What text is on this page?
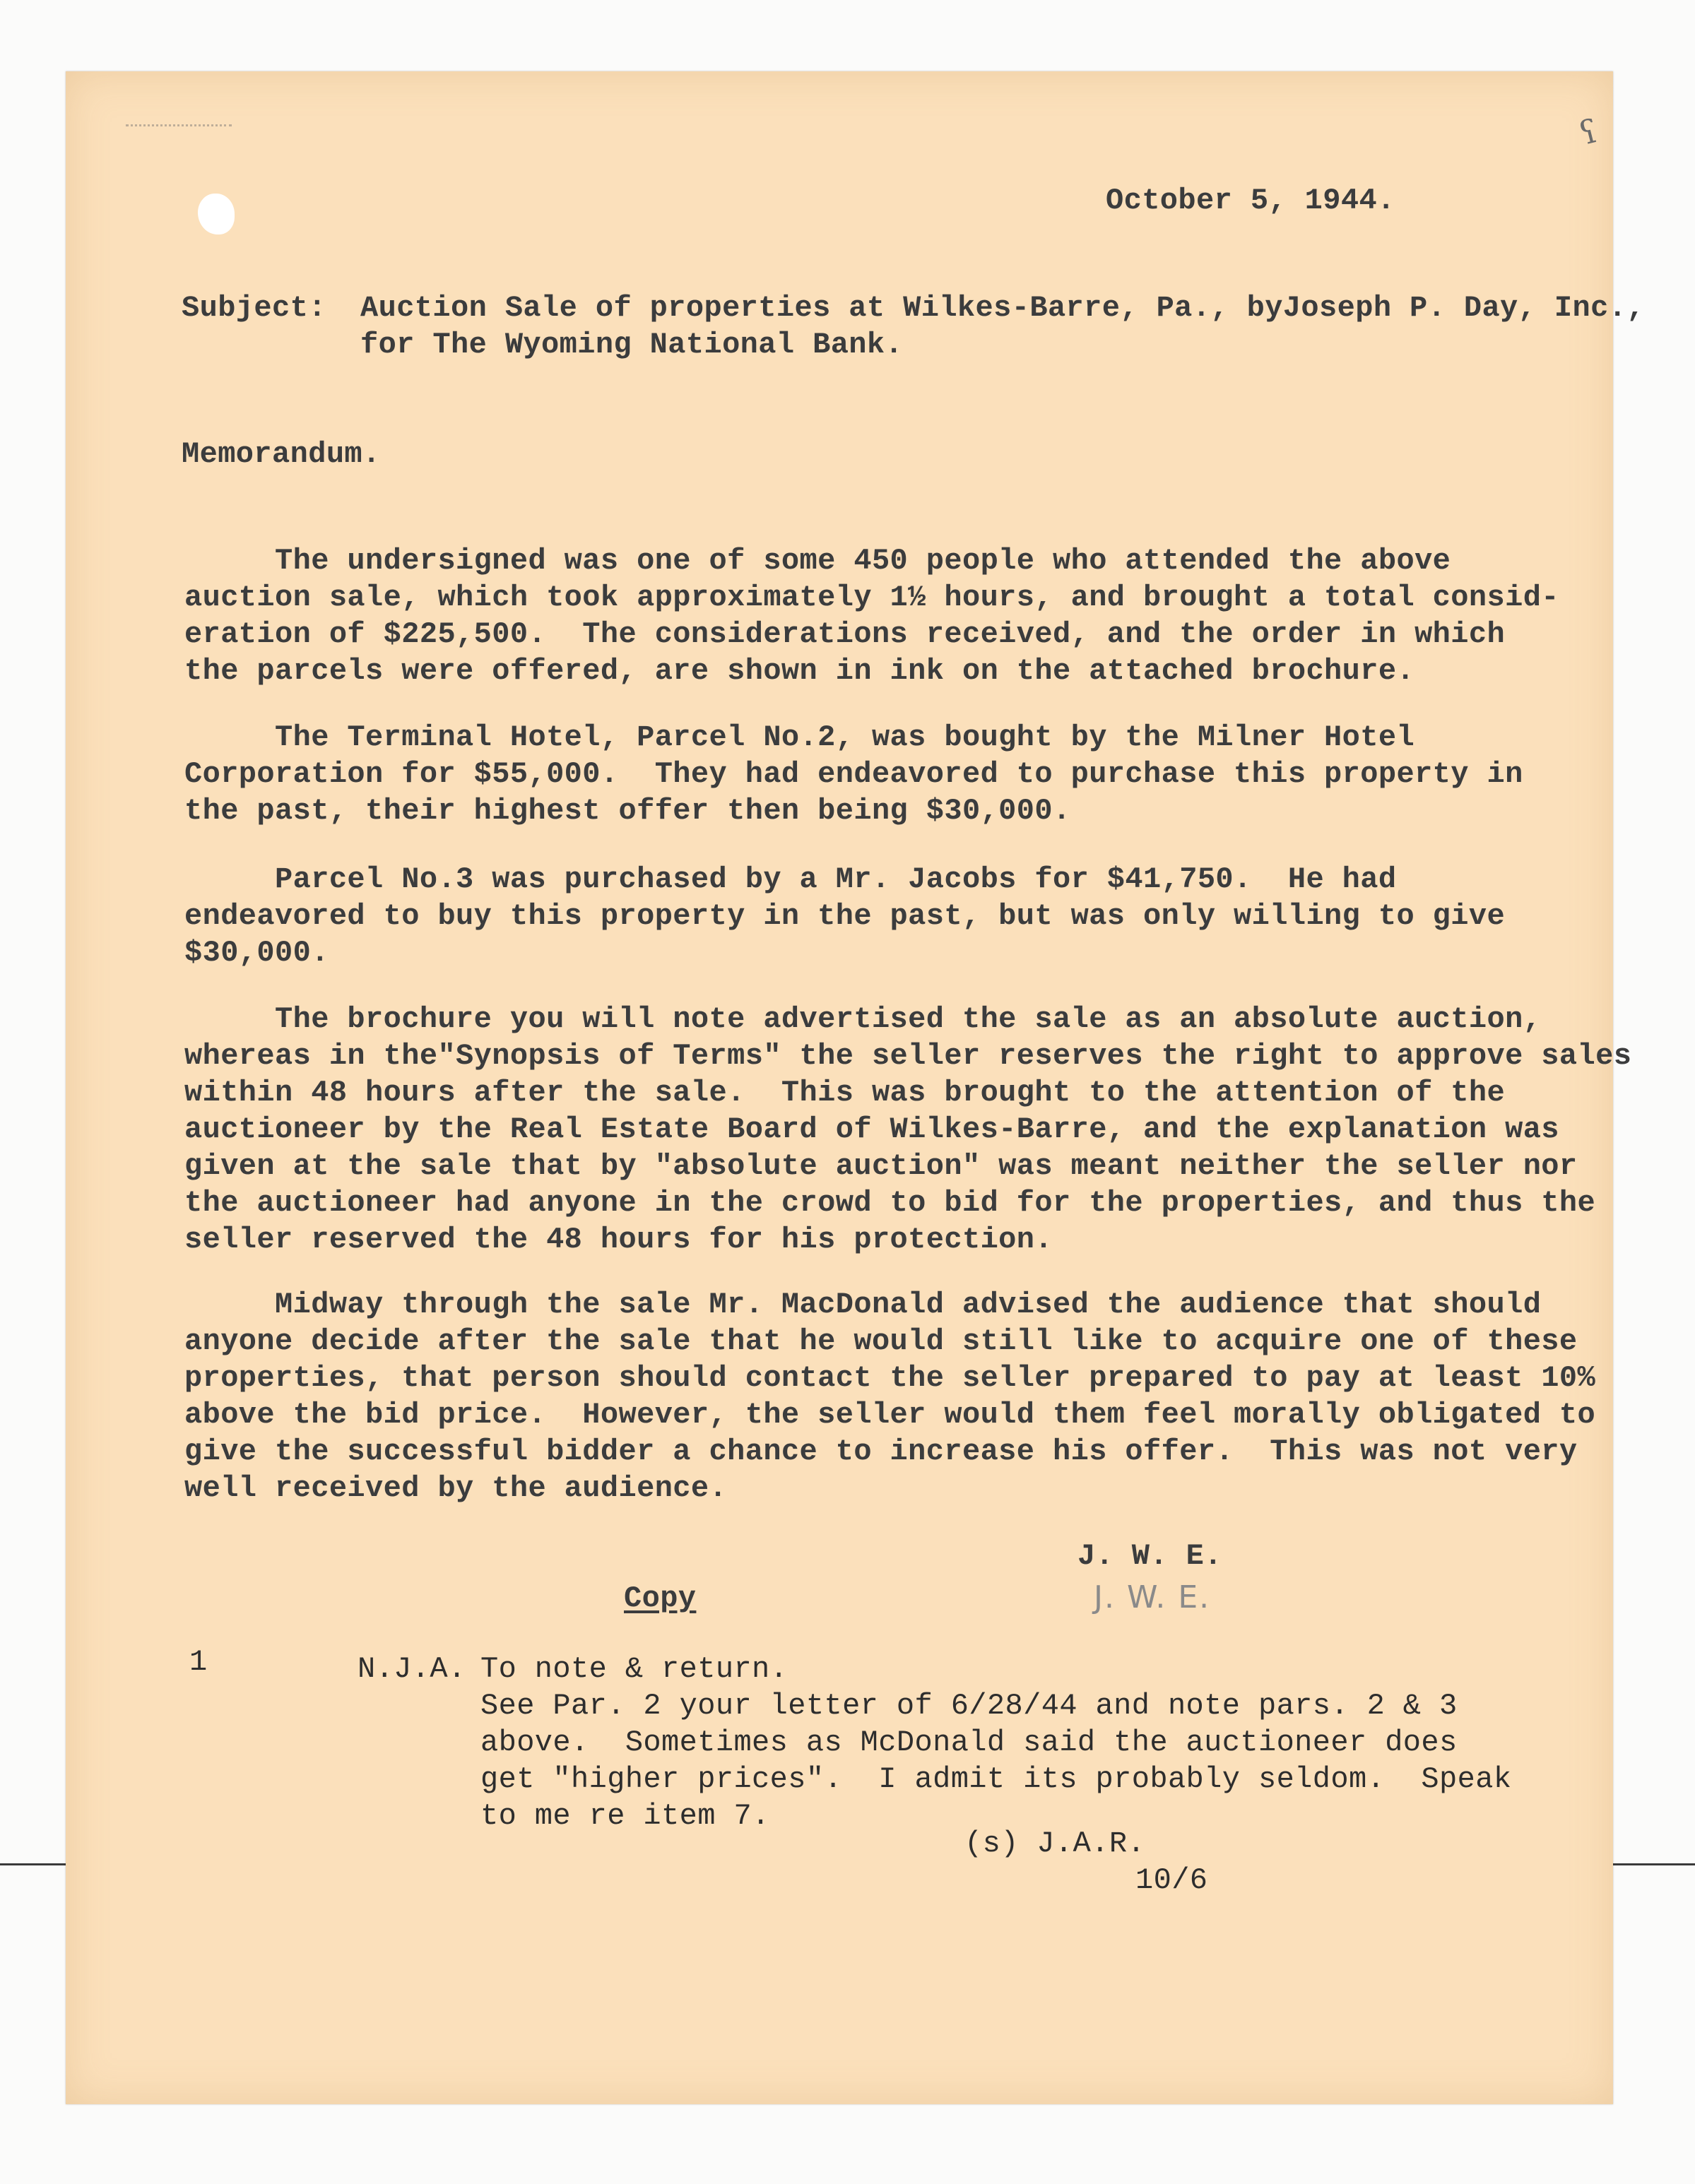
ʕ
October 5, 1944.
Subject: Auction Sale of properties at Wilkes-Barre, Pa., byJoseph P. Day, Inc.,
for The Wyoming National Bank.
Memorandum.

The undersigned was one of some 450 people who attended the above
auction sale, which took approximately 1½ hours, and brought a total consid-
eration of $225,500.  The considerations received, and the order in which
the parcels were offered, are shown in ink on the attached brochure.

The Terminal Hotel, Parcel No.2, was bought by the Milner Hotel
Corporation for $55,000.  They had endeavored to purchase this property in
the past, their highest offer then being $30,000.

Parcel No.3 was purchased by a Mr. Jacobs for $41,750.  He had
endeavored to buy this property in the past, but was only willing to give
$30,000.

The brochure you will note advertised the sale as an absolute auction,
whereas in the"Synopsis of Terms" the seller reserves the right to approve sales
within 48 hours after the sale.  This was brought to the attention of the
auctioneer by the Real Estate Board of Wilkes-Barre, and the explanation was
given at the sale that by "absolute auction" was meant neither the seller nor
the auctioneer had anyone in the crowd to bid for the properties, and thus the
seller reserved the 48 hours for his protection.

Midway through the sale Mr. MacDonald advised the audience that should
anyone decide after the sale that he would still like to acquire one of these
properties, that person should contact the seller prepared to pay at least 10%
above the bid price.  However, the seller would them feel morally obligated to
give the successful bidder a chance to increase his offer.  This was not very
well received by the audience.

J. W. E.
Copy	J. W. E.
1	N.J.A. To note & return.
See Par. 2 your letter of 6/28/44 and note pars. 2 & 3
above.  Sometimes as McDonald said the auctioneer does
get "higher prices".  I admit its probably seldom.  Speak
to me re item 7.
(s) J.A.R.
10/6
